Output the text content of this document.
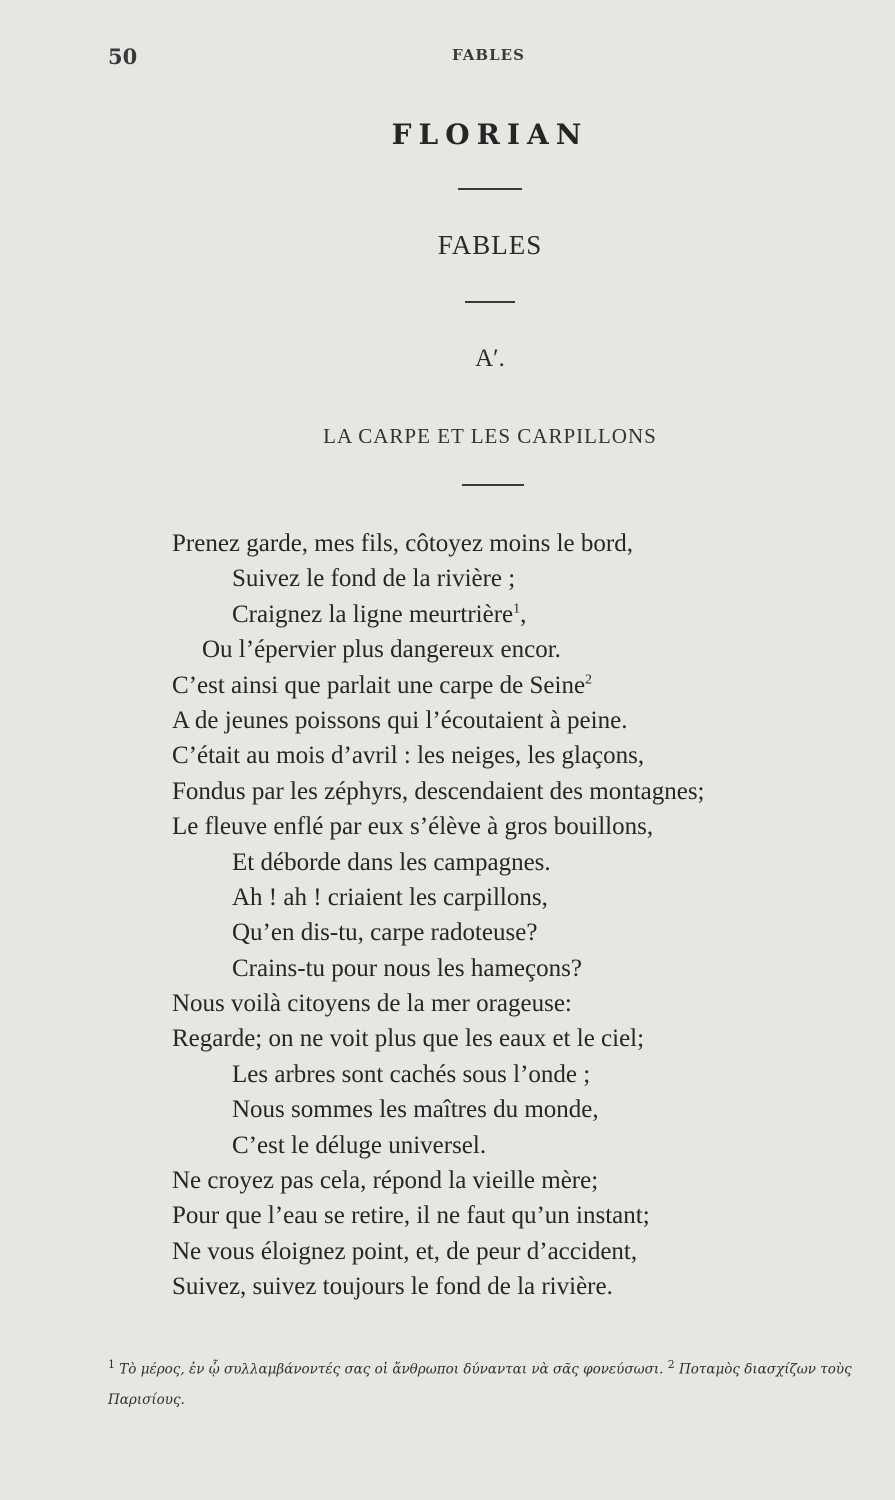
50	FABLES
FLORIAN
FABLES
A′.
LA CARPE ET LES CARPILLONS
Prenez garde, mes fils, côtoyez moins le bord,
Suivez le fond de la rivière ;
Craignez la ligne meurtrière$^1$,
Ou l’épervier plus dangereux encor.
C’est ainsi que parlait une carpe de Seine$^2$
A de jeunes poissons qui l’écoutaient à peine.
C’était au mois d’avril : les neiges, les glaçons,
Fondus par les zéphyrs, descendaient des montagnes;
Le fleuve enflé par eux s’élève à gros bouillons,
Et déborde dans les campagnes.
Ah ! ah ! criaient les carpillons,
Qu’en dis-tu, carpe radoteuse?
Crains-tu pour nous les hameçons?
Nous voilà citoyens de la mer orageuse:
Regarde; on ne voit plus que les eaux et le ciel;
Les arbres sont cachés sous l’onde ;
Nous sommes les maîtres du monde,
C’est le déluge universel.
Ne croyez pas cela, répond la vieille mère;
Pour que l’eau se retire, il ne faut qu’un instant;
Ne vous éloignez point, et, de peur d’accident,
Suivez, suivez toujours le fond de la rivière.
$^1$ Τὸ μέρος, ἐν ᾧ συλλαμβάνοντές σας οἱ ἄνθρωποι δύνανται νὰ σᾶς φονεύσωσι. $^2$ Ποταμὸς διασχίζων τοὺς Παρισίους.
